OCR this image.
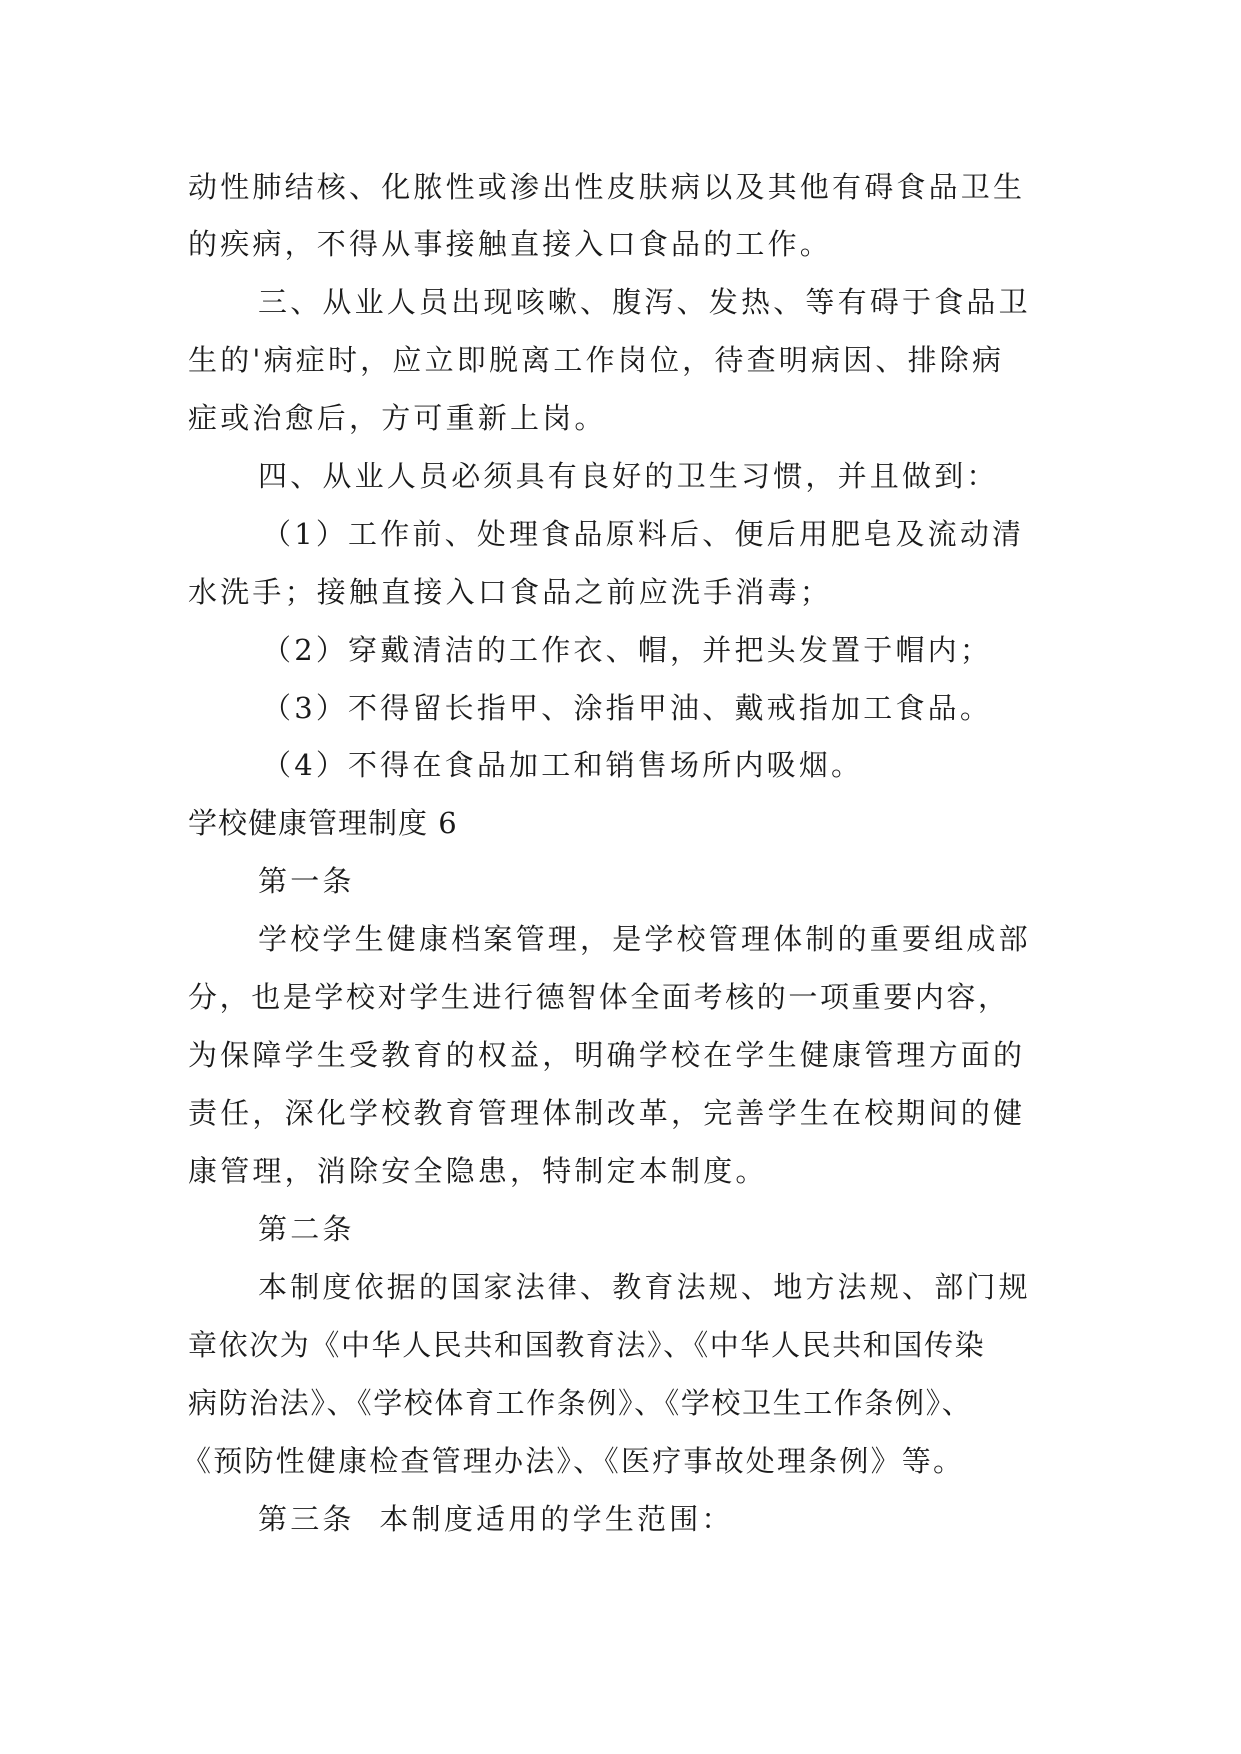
动性肺结核、化脓性或渗出性皮肤病以及其他有碍食品卫生
的疾病，不得从事接触直接入口食品的工作。
三、从业人员出现咳嗽、腹泻、发热、等有碍于食品卫
生的'病症时，应立即脱离工作岗位，待查明病因、排除病
症或治愈后，方可重新上岗。
四、从业人员必须具有良好的卫生习惯，并且做到：
（1）工作前、处理食品原料后、便后用肥皂及流动清
水洗手；接触直接入口食品之前应洗手消毒；
（2）穿戴清洁的工作衣、帽，并把头发置于帽内；
（3）不得留长指甲、涂指甲油、戴戒指加工食品。
（4）不得在食品加工和销售场所内吸烟。
学校健康管理制度 6
第一条
学校学生健康档案管理，是学校管理体制的重要组成部
分，也是学校对学生进行德智体全面考核的一项重要内容，
为保障学生受教育的权益，明确学校在学生健康管理方面的
责任，深化学校教育管理体制改革，完善学生在校期间的健
康管理，消除安全隐患，特制定本制度。
第二条
本制度依据的国家法律、教育法规、地方法规、部门规
章依次为《中华人民共和国教育法》、《中华人民共和国传染
病防治法》、《学校体育工作条例》、《学校卫生工作条例》、
《预防性健康检查管理办法》、《医疗事故处理条例》等。
第三条  本制度适用的学生范围：
